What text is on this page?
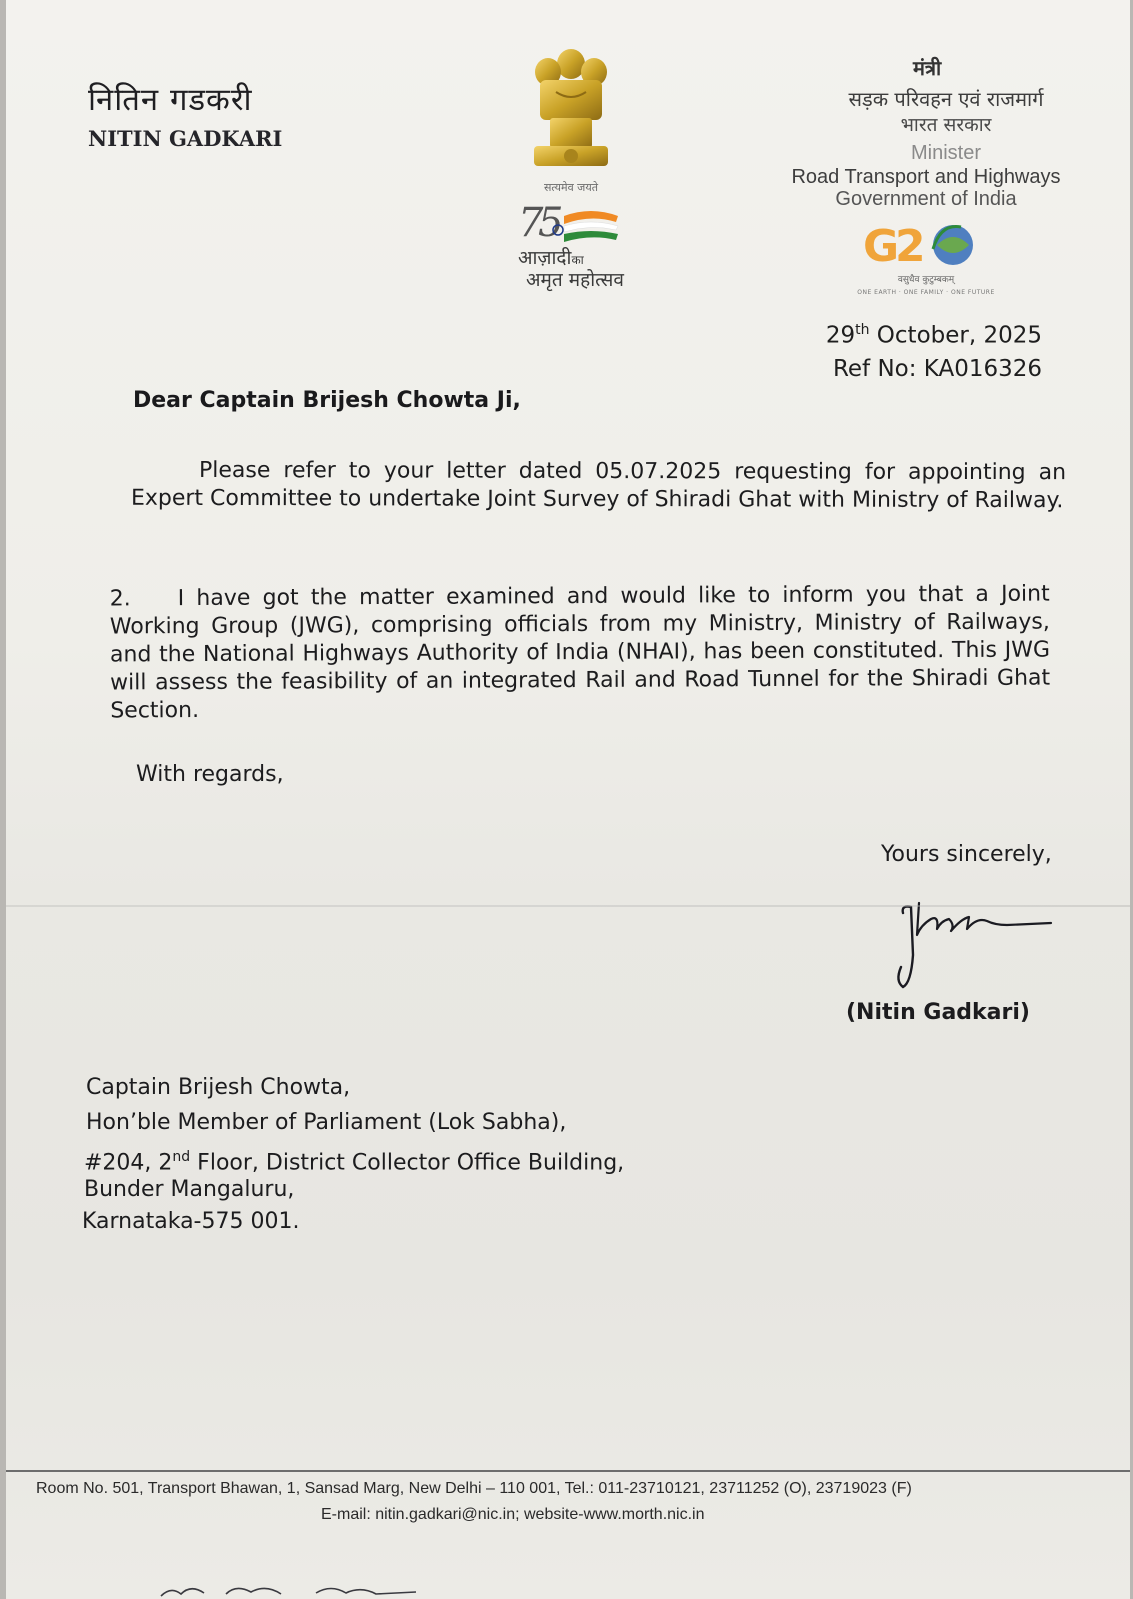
नितिन गडकरी
NITIN GADKARI
सत्यमेव जयते
7
5
आज़ादीका
अमृत महोत्सव
मंत्री
सड़क परिवहन एवं राजमार्ग
भारत सरकार
Minister
Road Transport and Highways
Government of India
G
2
वसुधैव कुटुम्बकम्
ONE EARTH · ONE FAMILY · ONE FUTURE
29th October, 2025
Ref No: KA016326
Dear Captain Brijesh Chowta Ji,
Please refer to your letter dated 05.07.2025 requesting for appointing an Expert Committee to undertake Joint Survey of Shiradi Ghat with Ministry of Railway.
2. I have got the matter examined and would like to inform you that a Joint Working Group (JWG), comprising officials from my Ministry, Ministry of Railways, and the National Highways Authority of India (NHAI), has been constituted. This JWG will assess the feasibility of an integrated Rail and Road Tunnel for the Shiradi Ghat Section.
With regards,
Yours sincerely,
(Nitin Gadkari)
Captain Brijesh Chowta,
Hon’ble Member of Parliament (Lok Sabha),
#204, 2nd Floor, District Collector Office Building,
Bunder Mangaluru,
Karnataka-575 001.
Room No. 501, Transport Bhawan, 1, Sansad Marg, New Delhi – 110 001, Tel.: 011-23710121, 23711252 (O), 23719023 (F)
E-mail: nitin.gadkari@nic.in; website-www.morth.nic.in
